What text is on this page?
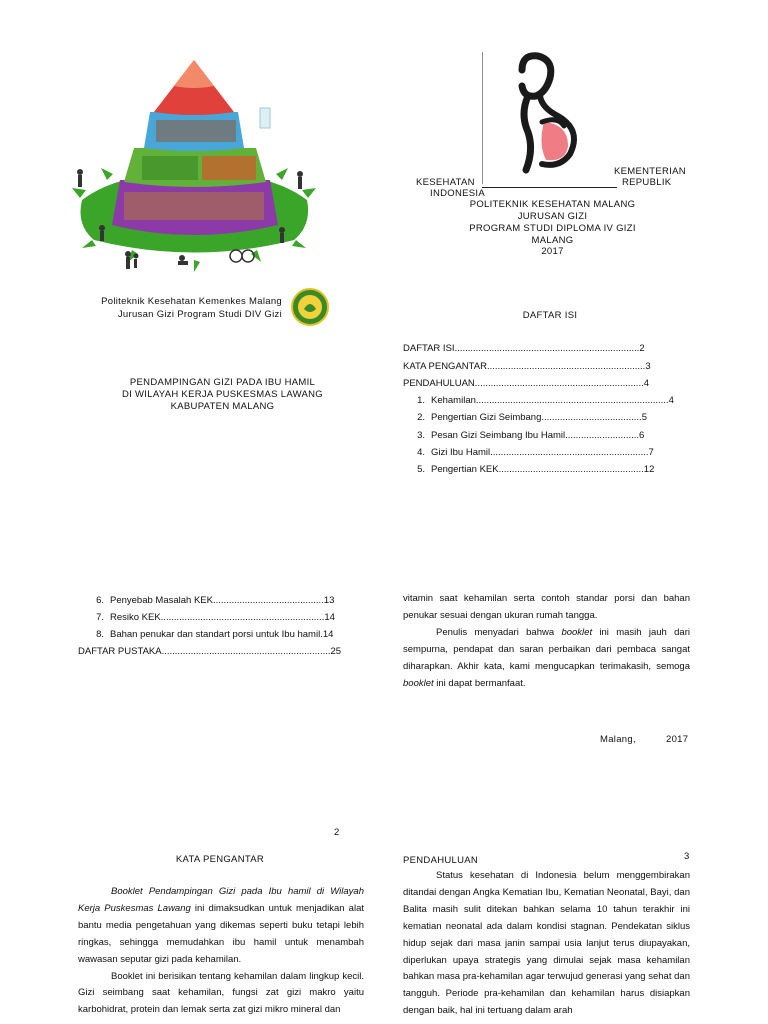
Politeknik Kesehatan Kemenkes Malang
Jurusan Gizi Program Studi DIV Gizi
PENDAMPINGAN GIZI PADA IBU HAMIL
DI WILAYAH KERJA PUSKESMAS LAWANG
KABUPATEN MALANG
KEMENTERIAN
KESEHATAN	REPUBLIK
INDONESIA
POLITEKNIK KESEHATAN MALANG
JURUSAN GIZI
PROGRAM STUDI DIPLOMA IV GIZI
MALANG
2017
DAFTAR ISI
DAFTAR ISI......................................................................2
KATA PENGANTAR............................................................3
PENDAHULUAN................................................................4
1. Kehamilan.........................................................................4
2. Pengertian Gizi Seimbang......................................5
3. Pesan Gizi Seimbang Ibu Hamil............................6
4. Gizi Ibu Hamil............................................................7
5. Pengertian KEK.......................................................12
6. Penyebab Masalah KEK..........................................13
7. Resiko KEK..............................................................14
8. Bahan penukar dan standart porsi untuk Ibu hamil.14
DAFTAR PUSTAKA................................................................25
2
KATA PENGANTAR
Booklet Pendampingan Gizi pada Ibu hamil di Wilayah Kerja Puskesmas Lawang ini dimaksudkan untuk menjadikan alat bantu media pengetahuan yang dikemas seperti buku tetapi lebih ringkas, sehingga memudahkan ibu hamil untuk menambah wawasan seputar gizi pada kehamilan.
Booklet ini berisikan tentang kehamilan dalam lingkup kecil. Gizi seimbang saat kehamilan, fungsi zat gizi makro yaitu karbohidrat, protein dan lemak serta zat gizi mikro mineral dan
vitamin saat kehamilan serta contoh standar porsi dan bahan penukar sesuai dengan ukuran rumah tangga.
Penulis menyadari bahwa booklet ini masih jauh dari sempurna, pendapat dan saran perbaikan dari pembaca sangat diharapkan. Akhir kata, kami mengucapkan terimakasih, semoga booklet ini dapat bermanfaat.
Malang,	2017
3
PENDAHULUAN
Status kesehatan di Indonesia belum menggembirakan ditandai dengan Angka Kematian Ibu, Kematian Neonatal, Bayi, dan Balita masih sulit ditekan bahkan selama 10 tahun terakhir ini kematian neonatal ada dalam kondisi stagnan. Pendekatan siklus hidup sejak dari masa janin sampai usia lanjut terus diupayakan, diperlukan upaya strategis yang dimulai sejak masa kehamilan bahkan masa pra-kehamilan agar terwujud generasi yang sehat dan tangguh. Periode pra-kehamilan dan kehamilan harus disiapkan dengan baik, hal ini tertuang dalam arah
